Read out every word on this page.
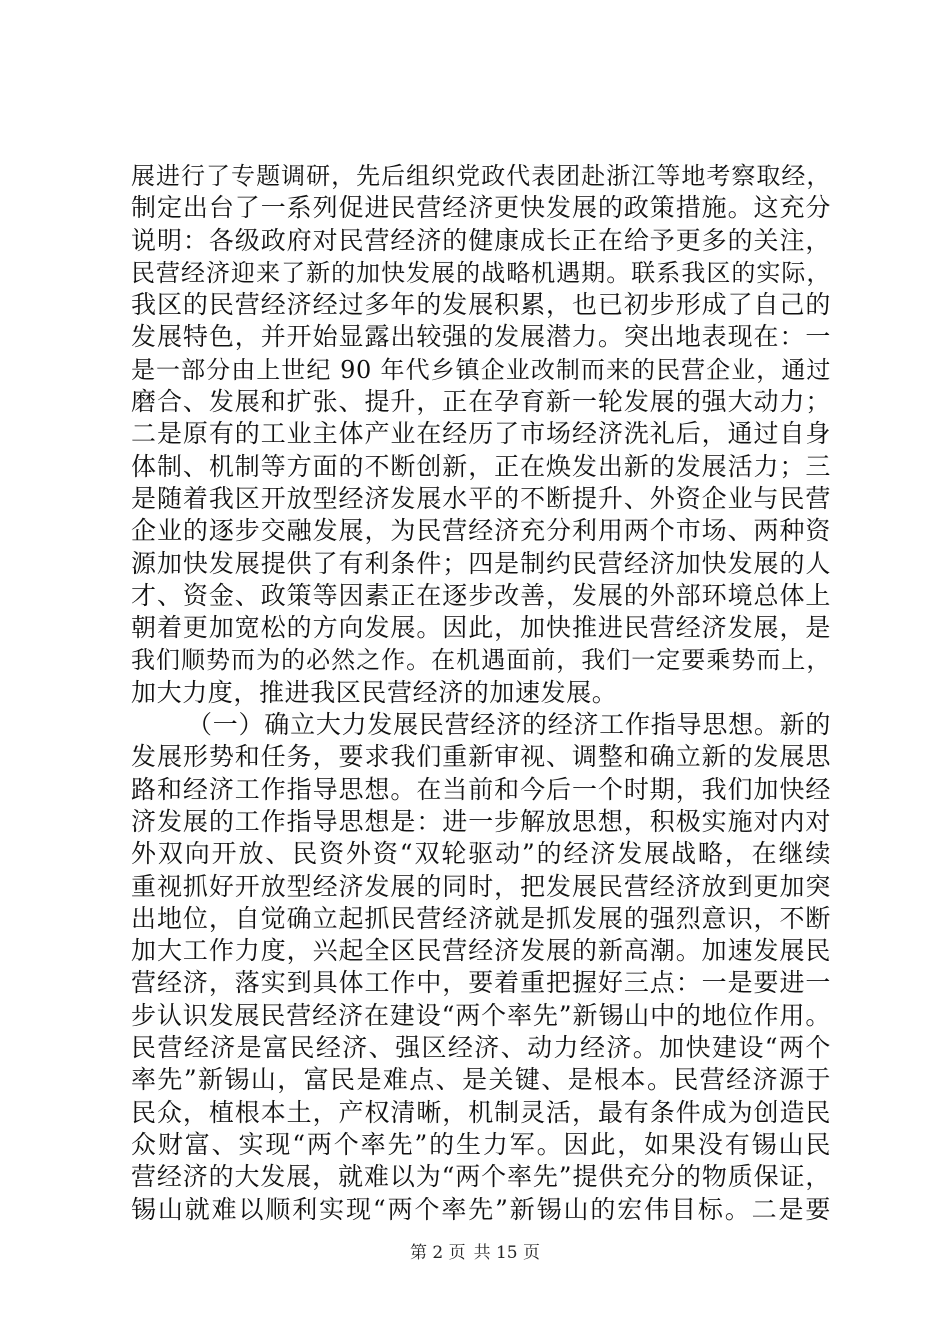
展进行了专题调研，先后组织党政代表团赴浙江等地考察取经，
制定出台了一系列促进民营经济更快发展的政策措施。这充分
说明：各级政府对民营经济的健康成长正在给予更多的关注，
民营经济迎来了新的加快发展的战略机遇期。联系我区的实际，
我区的民营经济经过多年的发展积累，也已初步形成了自己的
发展特色，并开始显露出较强的发展潜力。突出地表现在：一
是一部分由上世纪 90 年代乡镇企业改制而来的民营企业，通过
磨合、发展和扩张、提升，正在孕育新一轮发展的强大动力；
二是原有的工业主体产业在经历了市场经济洗礼后，通过自身
体制、机制等方面的不断创新，正在焕发出新的发展活力；三
是随着我区开放型经济发展水平的不断提升、外资企业与民营
企业的逐步交融发展，为民营经济充分利用两个市场、两种资
源加快发展提供了有利条件；四是制约民营经济加快发展的人
才、资金、政策等因素正在逐步改善，发展的外部环境总体上
朝着更加宽松的方向发展。因此，加快推进民营经济发展，是
我们顺势而为的必然之作。在机遇面前，我们一定要乘势而上，
加大力度，推进我区民营经济的加速发展。
（一）确立大力发展民营经济的经济工作指导思想。新的
发展形势和任务，要求我们重新审视、调整和确立新的发展思
路和经济工作指导思想。在当前和今后一个时期，我们加快经
济发展的工作指导思想是：进一步解放思想，积极实施对内对
外双向开放、民资外资“双轮驱动”的经济发展战略，在继续
重视抓好开放型经济发展的同时，把发展民营经济放到更加突
出地位，自觉确立起抓民营经济就是抓发展的强烈意识，不断
加大工作力度，兴起全区民营经济发展的新高潮。加速发展民
营经济，落实到具体工作中，要着重把握好三点：一是要进一
步认识发展民营经济在建设“两个率先”新锡山中的地位作用。
民营经济是富民经济、强区经济、动力经济。加快建设“两个
率先”新锡山，富民是难点、是关键、是根本。民营经济源于
民众，植根本土，产权清晰，机制灵活，最有条件成为创造民
众财富、实现“两个率先”的生力军。因此，如果没有锡山民
营经济的大发展，就难以为“两个率先”提供充分的物质保证，
锡山就难以顺利实现“两个率先”新锡山的宏伟目标。二是要
第 2 页 共 15 页
